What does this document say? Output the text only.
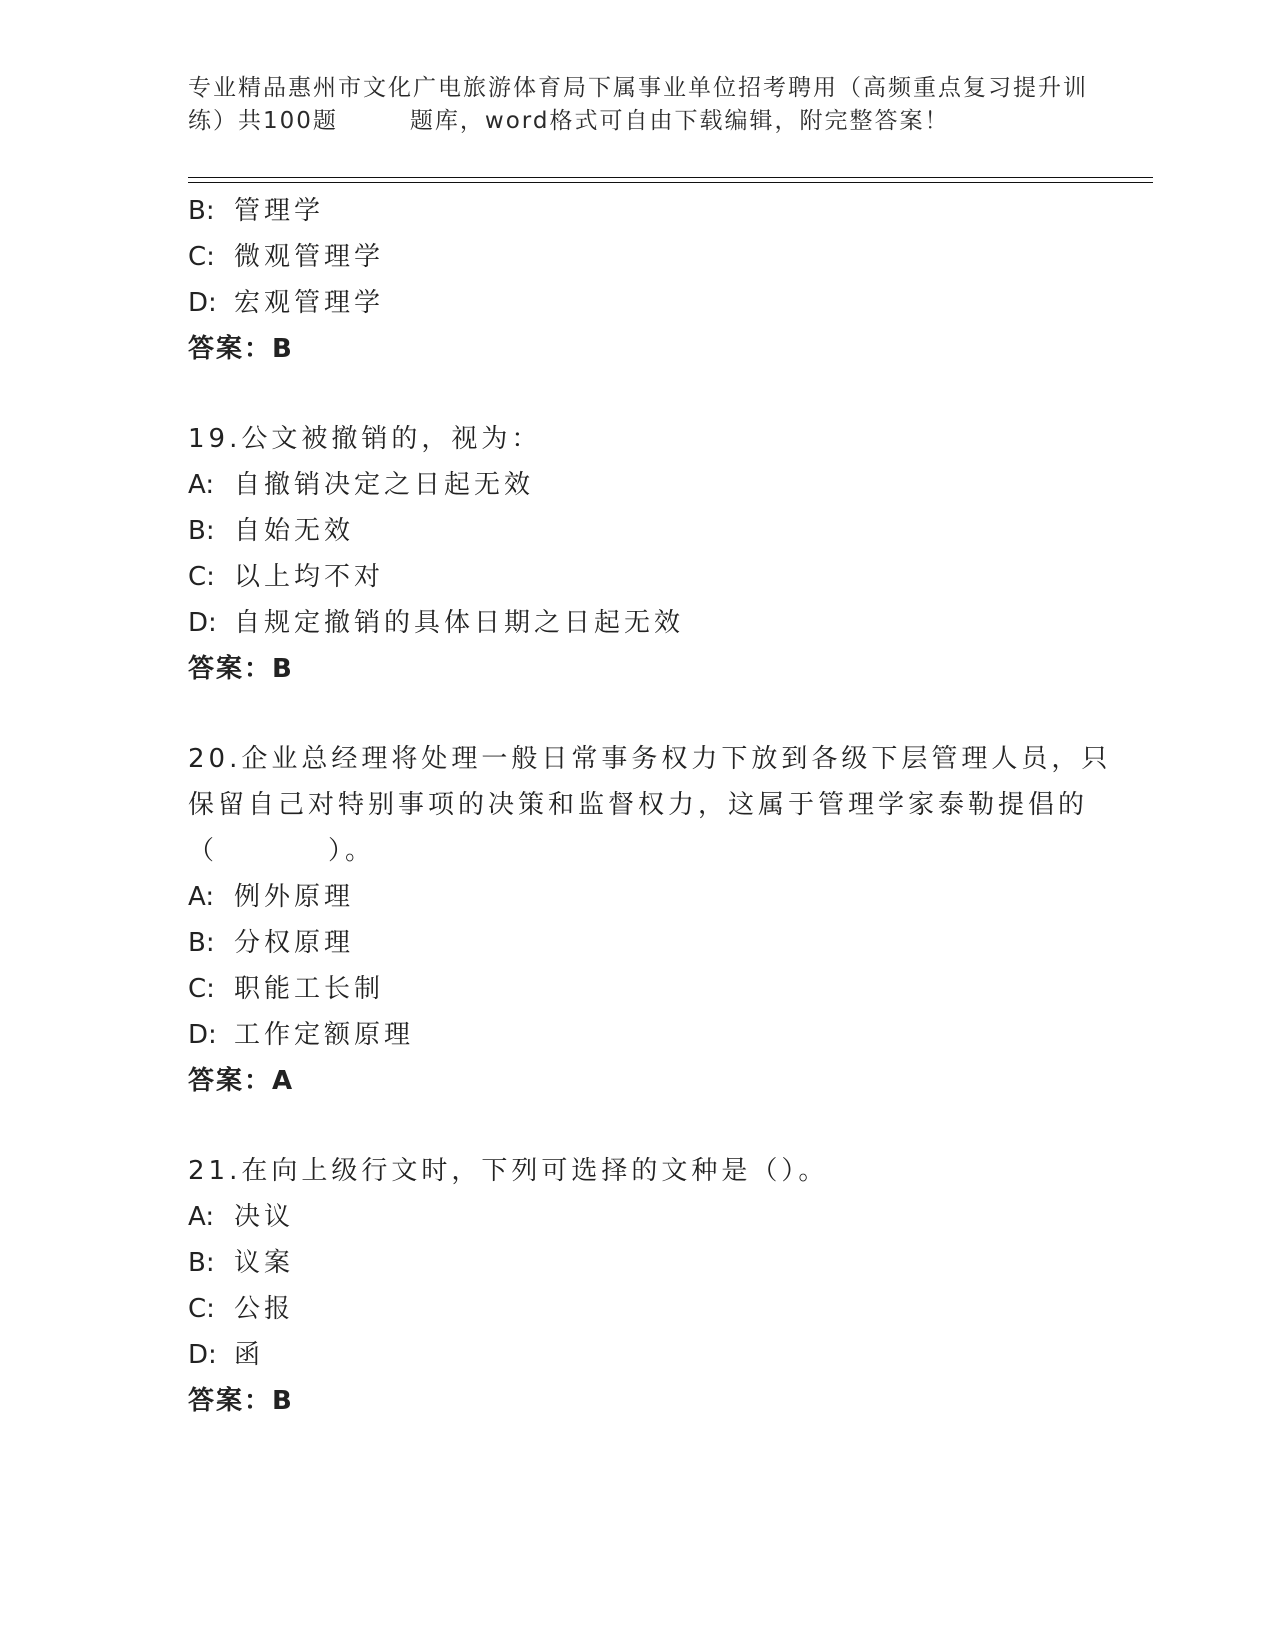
专业精品惠州市文化广电旅游体育局下属事业单位招考聘用（高频重点复习提升训
练）共100题	题库，word格式可自由下载编辑，附完整答案！
B: 管理学
C: 微观管理学
D: 宏观管理学
答案：B
19.公文被撤销的，视为：
A: 自撤销决定之日起无效
B: 自始无效
C: 以上均不对
D: 自规定撤销的具体日期之日起无效
答案：B
20.企业总经理将处理一般日常事务权力下放到各级下层管理人员，只
保留自己对特别事项的决策和监督权力，这属于管理学家泰勒提倡的
（	）。
A: 例外原理
B: 分权原理
C: 职能工长制
D: 工作定额原理
答案：A
21.在向上级行文时，下列可选择的文种是（）。
A: 决议
B: 议案
C: 公报
D: 函
答案：B
